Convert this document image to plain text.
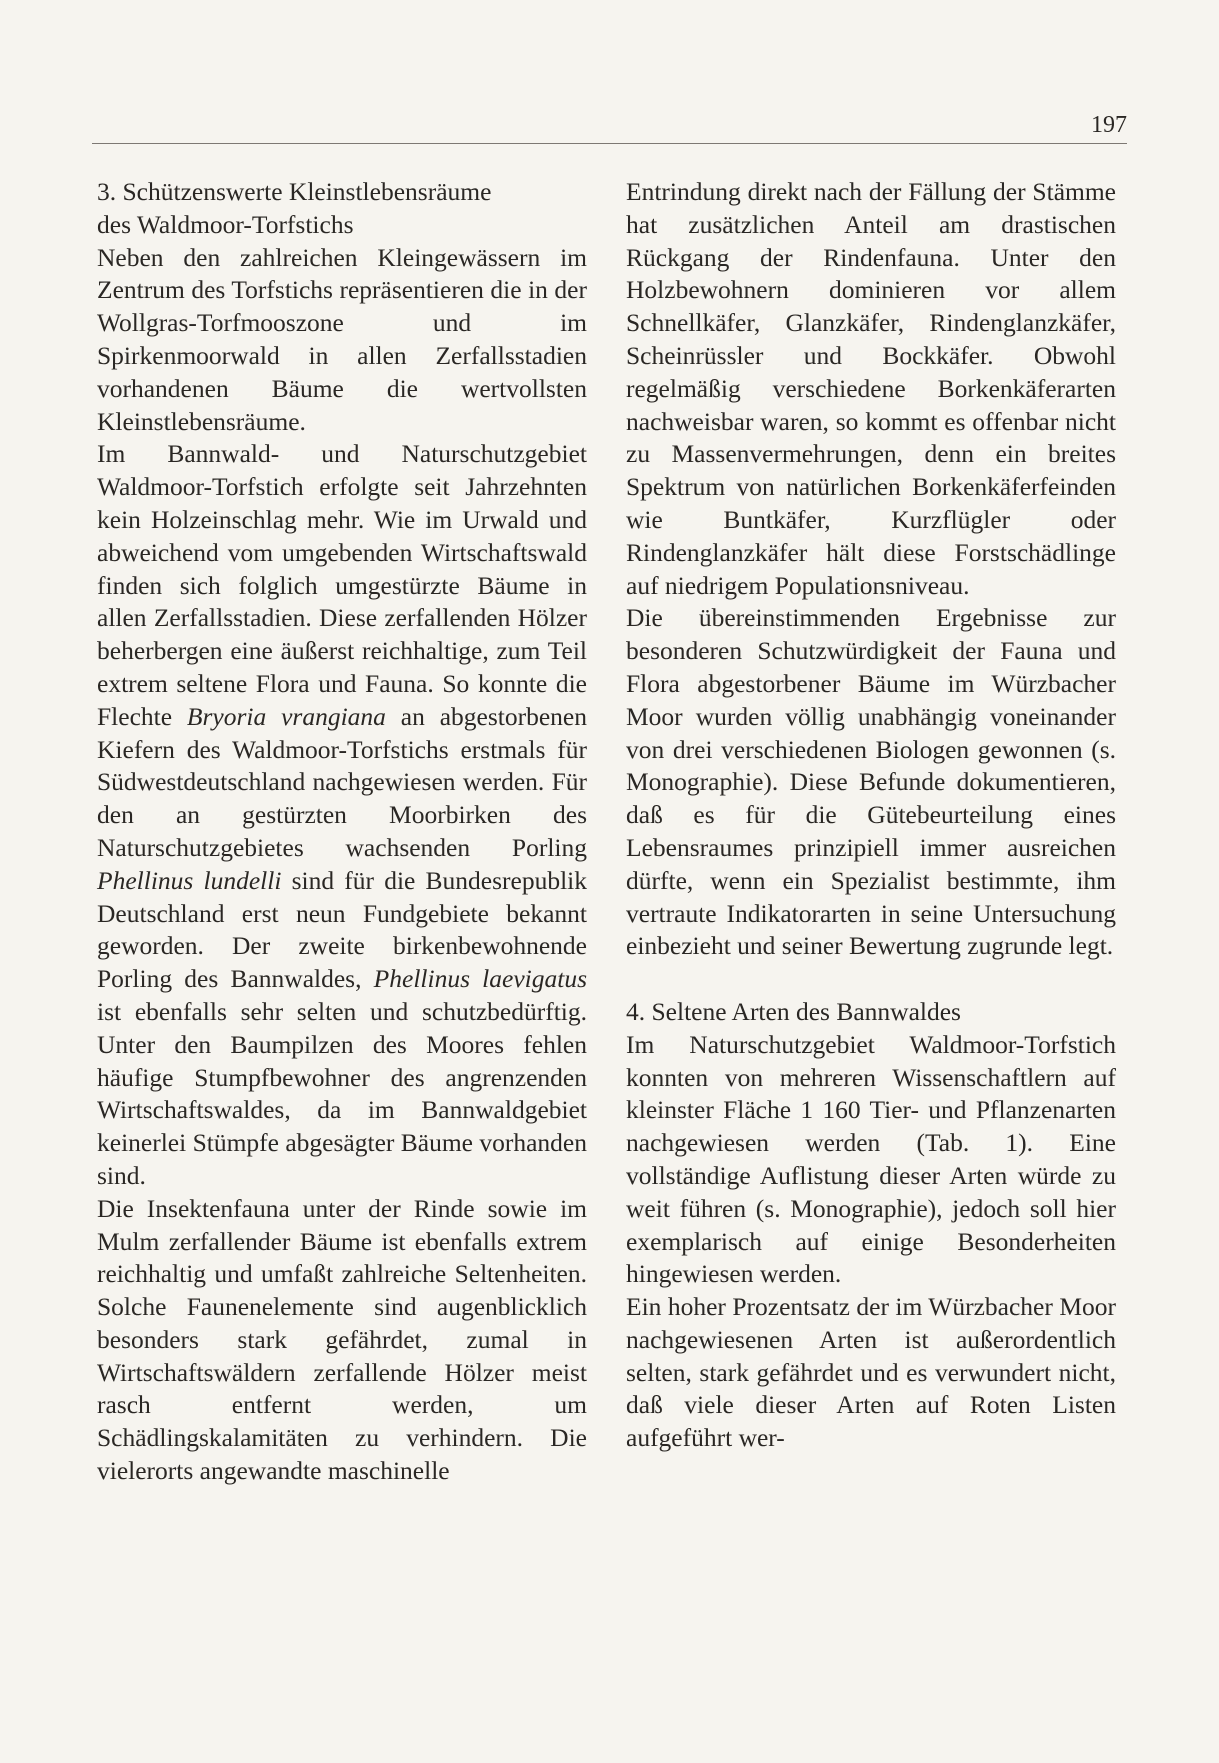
197
3. Schützenswerte Kleinstlebensräume
des Waldmoor-Torfstichs

Neben den zahlreichen Kleingewässern im Zentrum des Torfstichs repräsentieren die in der Wollgras-Torfmooszone und im Spirkenmoorwald in allen Zerfallsstadien vorhandenen Bäume die wertvollsten Kleinstlebensräume.

Im Bannwald- und Naturschutzgebiet Waldmoor-Torfstich erfolgte seit Jahrzehnten kein Holzeinschlag mehr. Wie im Urwald und abweichend vom umgebenden Wirtschaftswald finden sich folglich umgestürzte Bäume in allen Zerfallsstadien. Diese zerfallenden Hölzer beherbergen eine äußerst reichhaltige, zum Teil extrem seltene Flora und Fauna. So konnte die Flechte Bryoria vrangiana an abgestorbenen Kiefern des Waldmoor-Torfstichs erstmals für Südwestdeutschland nachgewiesen werden. Für den an gestürzten Moorbirken des Naturschutzgebietes wachsenden Porling Phellinus lundelli sind für die Bundesrepublik Deutschland erst neun Fundgebiete bekannt geworden. Der zweite birkenbewohnende Porling des Bannwaldes, Phellinus laevigatus ist ebenfalls sehr selten und schutzbedürftig. Unter den Baumpilzen des Moores fehlen häufige Stumpfbewohner des angrenzenden Wirtschaftswaldes, da im Bannwaldgebiet keinerlei Stümpfe abgesägter Bäume vorhanden sind.

Die Insektenfauna unter der Rinde sowie im Mulm zerfallender Bäume ist ebenfalls extrem reichhaltig und umfaßt zahlreiche Seltenheiten. Solche Faunenelemente sind augenblicklich besonders stark gefährdet, zumal in Wirtschaftswäldern zerfallende Hölzer meist rasch entfernt werden, um Schädlingskalamitäten zu verhindern. Die vielerorts angewandte maschinelle

Entrindung direkt nach der Fällung der Stämme hat zusätzlichen Anteil am drastischen Rückgang der Rindenfauna. Unter den Holzbewohnern dominieren vor allem Schnellkäfer, Glanzkäfer, Rindenglanzkäfer, Scheinrüssler und Bockkäfer. Obwohl regelmäßig verschiedene Borkenkäferarten nachweisbar waren, so kommt es offenbar nicht zu Massenvermehrungen, denn ein breites Spektrum von natürlichen Borkenkäferfeinden wie Buntkäfer, Kurzflügler oder Rindenglanzkäfer hält diese Forstschädlinge auf niedrigem Populationsniveau.

Die übereinstimmenden Ergebnisse zur besonderen Schutzwürdigkeit der Fauna und Flora abgestorbener Bäume im Würzbacher Moor wurden völlig unabhängig voneinander von drei verschiedenen Biologen gewonnen (s. Monographie). Diese Befunde dokumentieren, daß es für die Gütebeurteilung eines Lebensraumes prinzipiell immer ausreichen dürfte, wenn ein Spezialist bestimmte, ihm vertraute Indikatorarten in seine Untersuchung einbezieht und seiner Bewertung zugrunde legt.

4. Seltene Arten des Bannwaldes

Im Naturschutzgebiet Waldmoor-Torfstich konnten von mehreren Wissenschaftlern auf kleinster Fläche 1 160 Tier- und Pflanzenarten nachgewiesen werden (Tab. 1). Eine vollständige Auflistung dieser Arten würde zu weit führen (s. Monographie), jedoch soll hier exemplarisch auf einige Besonderheiten hingewiesen werden.

Ein hoher Prozentsatz der im Würzbacher Moor nachgewiesenen Arten ist außerordentlich selten, stark gefährdet und es verwundert nicht, daß viele dieser Arten auf Roten Listen aufgeführt wer-
